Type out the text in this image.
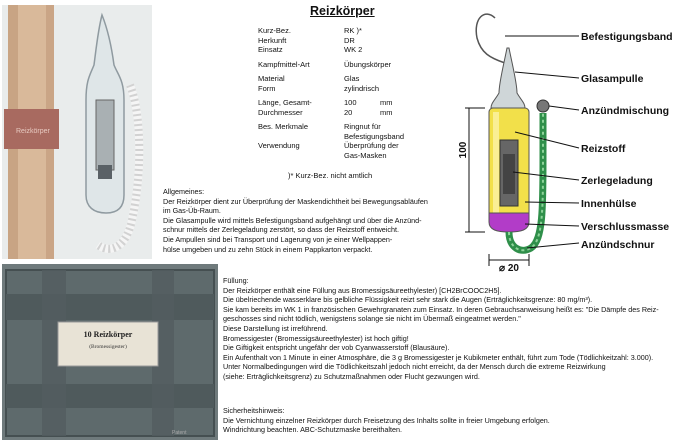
Reizkörper
Kurz-Bez.	RK )*
Herkunft	DR
Einsatz	WK 2
Kampfmittel-Art	Übungskörper
Material	Glas
Form	zylindrisch
Länge, Gesamt-	100	mm
Durchmesser	20	mm
Bes. Merkmale	Ringnut für
Befestigungsband
Verwendung	Überprüfung der
Gas-Masken
)* Kurz-Bez. nicht amtlich
Reizkörper
10 Reizkörper
(Bromessigester)
Patent
100
⌀ 20
Befestigungsband
Glasampulle
Anzündmischung
Reizstoff
Zerlegeladung
Innenhülse
Verschlussmasse
Anzündschnur

Allgemeines:

Der Reizkörper dient zur Überprüfung der Maskendichtheit bei Bewegungsabläufen

im Gas-Üb-Raum.

Die Glasampulle wird mittels Befestigungsband aufgehängt und über die Anzünd-

schnur mittels der Zerlegeladung zerstört, so dass der Reizstoff entweicht.

Die Ampullen sind bei Transport und Lagerung von je einer Wellpappen-

hülse umgeben und zu zehn Stück in einem Pappkarton verpackt.

Füllung:

Der Reizkörper enthält eine Füllung aus Bromessigsäureethylester) [CH2BrCOOC2H5].

Die übelriechende wasserklare bis gelbliche Flüssigkeit reizt sehr stark die Augen (Erträglichkeitsgrenze: 80 mg/m³).

Sie kam bereits im WK 1 in französischen Gewehrgranaten zum Einsatz. In deren Gebrauchsanweisung heißt es: "Die Dämpfe des Reiz-

geschosses sind nicht tödlich, wenigstens solange sie nicht im Übermaß eingeatmet werden."

Diese Darstellung ist irreführend.

Bromessigester (Bromessigsäureethylester) ist hoch giftig!

Die Giftigkeit entspricht ungefähr der vob Cyanwasserstoff (Blausäure).

Ein Aufenthalt von 1 Minute in einer Atmosphäre, die 3 g Bromessigester je Kubikmeter enthält, führt zum Tode (Tödlichkeitzahl: 3.000).

Unter Normalbedingungen wird die Tödlichkeitszahl jedoch nicht erreicht, da der Mensch durch die extreme Reizwirkung

(siehe: Erträglichkeitsgrenz) zu Schutzmaßnahmen oder Flucht gezwungen wird.

Sicherheitshinweis:

Die Vernichtung einzelner Reizkörper durch Freisetzung des Inhalts sollte in freier Umgebung erfolgen.

Windrichtung beachten. ABC-Schutzmaske bereithalten.
